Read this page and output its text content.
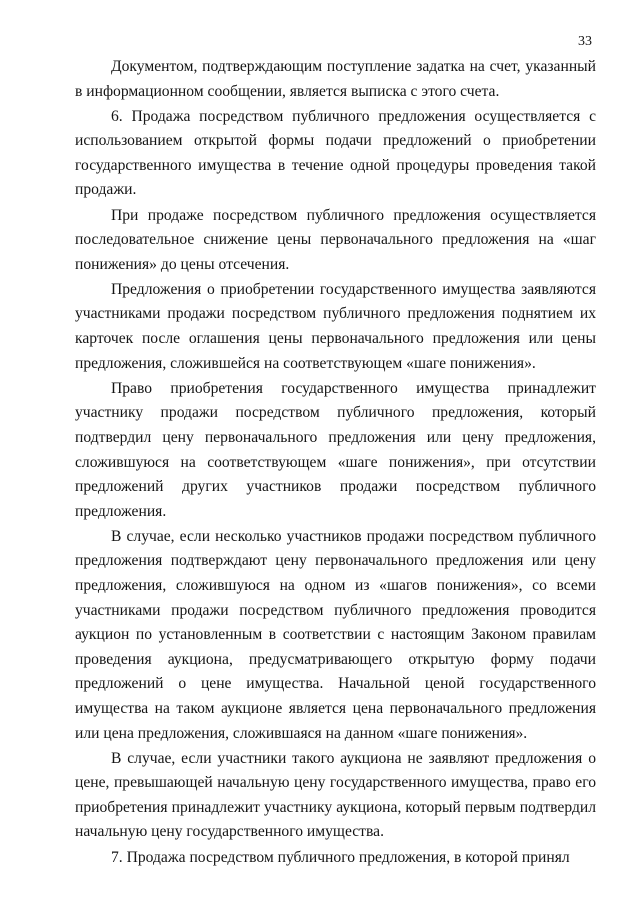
33

Документом, подтверждающим поступление задатка на счет, указанный в информационном сообщении, является выписка с этого счета.

6. Продажа посредством публичного предложения осуществляется с использованием открытой формы подачи предложений о приобретении государственного имущества в течение одной процедуры проведения такой продажи.

При продаже посредством публичного предложения осуществляется последовательное снижение цены первоначального предложения на «шаг понижения» до цены отсечения.

Предложения о приобретении государственного имущества заявляются участниками продажи посредством публичного предложения поднятием их карточек после оглашения цены первоначального предложения или цены предложения, сложившейся на соответствующем «шаге понижения».

Право приобретения государственного имущества принадлежит участнику продажи посредством публичного предложения, который подтвердил цену первоначального предложения или цену предложения, сложившуюся на соответствующем «шаге понижения», при отсутствии предложений других участников продажи посредством публичного предложения.

В случае, если несколько участников продажи посредством публичного предложения подтверждают цену первоначального предложения или цену предложения, сложившуюся на одном из «шагов понижения», со всеми участниками продажи посредством публичного предложения проводится аукцион по установленным в соответствии с настоящим Законом правилам проведения аукциона, предусматривающего открытую форму подачи предложений о цене имущества. Начальной ценой государственного имущества на таком аукционе является цена первоначального предложения или цена предложения, сложившаяся на данном «шаге понижения».

В случае, если участники такого аукциона не заявляют предложения о цене, превышающей начальную цену государственного имущества, право его приобретения принадлежит участнику аукциона, который первым подтвердил начальную цену государственного имущества.

7. Продажа посредством публичного предложения, в которой принял
